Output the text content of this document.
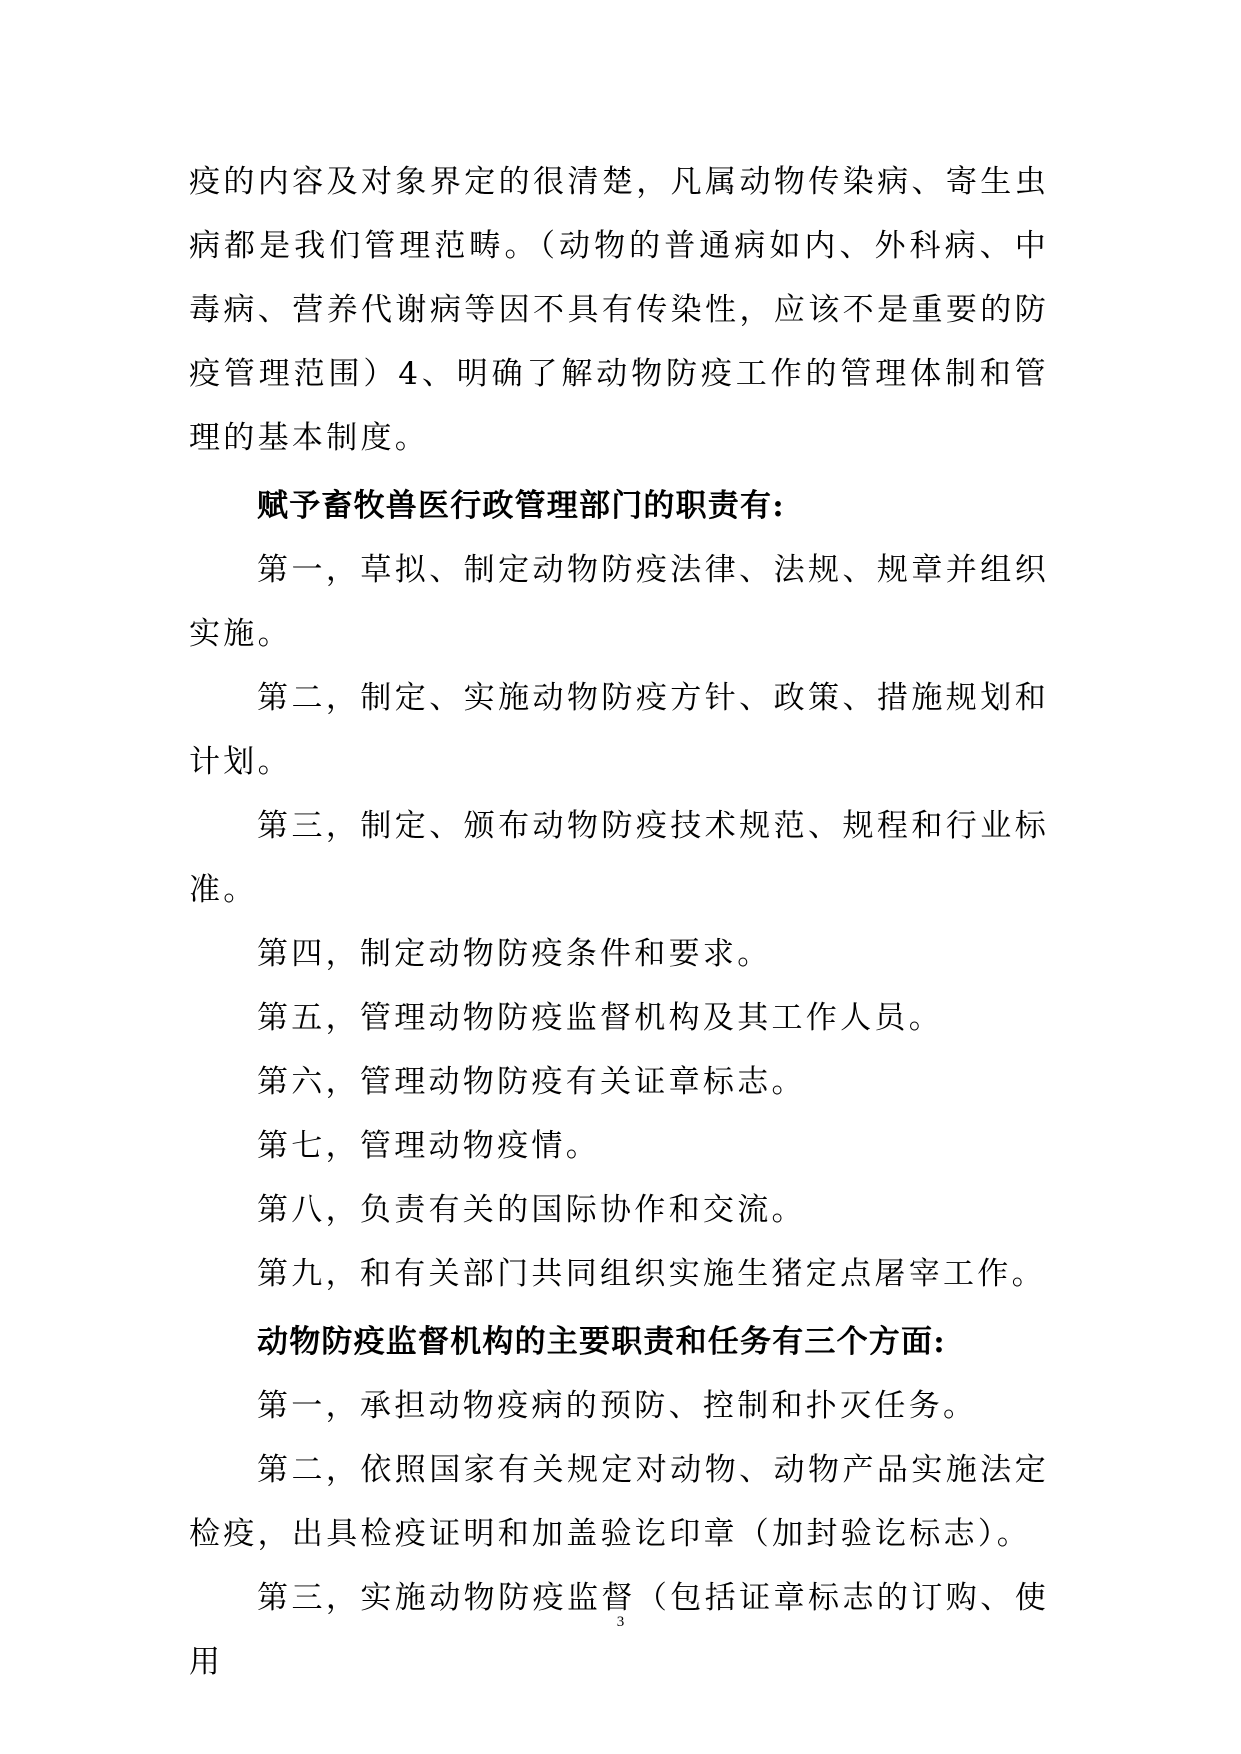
疫的内容及对象界定的很清楚，凡属动物传染病、寄生虫病都是我们管理范畴。（动物的普通病如内、外科病、中毒病、营养代谢病等因不具有传染性，应该不是重要的防疫管理范围）4、明确了解动物防疫工作的管理体制和管理的基本制度。

赋予畜牧兽医行政管理部门的职责有:

第一，草拟、制定动物防疫法律、法规、规章并组织实施。

第二，制定、实施动物防疫方针、政策、措施规划和计划。

第三，制定、颁布动物防疫技术规范、规程和行业标准。

第四，制定动物防疫条件和要求。

第五，管理动物防疫监督机构及其工作人员。

第六，管理动物防疫有关证章标志。

第七，管理动物疫情。

第八，负责有关的国际协作和交流。

第九，和有关部门共同组织实施生猪定点屠宰工作。

动物防疫监督机构的主要职责和任务有三个方面:

第一，承担动物疫病的预防、控制和扑灭任务。

第二，依照国家有关规定对动物、动物产品实施法定检疫，出具检疫证明和加盖验讫印章（加封验讫标志）。

第三，实施动物防疫监督（包括证章标志的订购、使用

3
